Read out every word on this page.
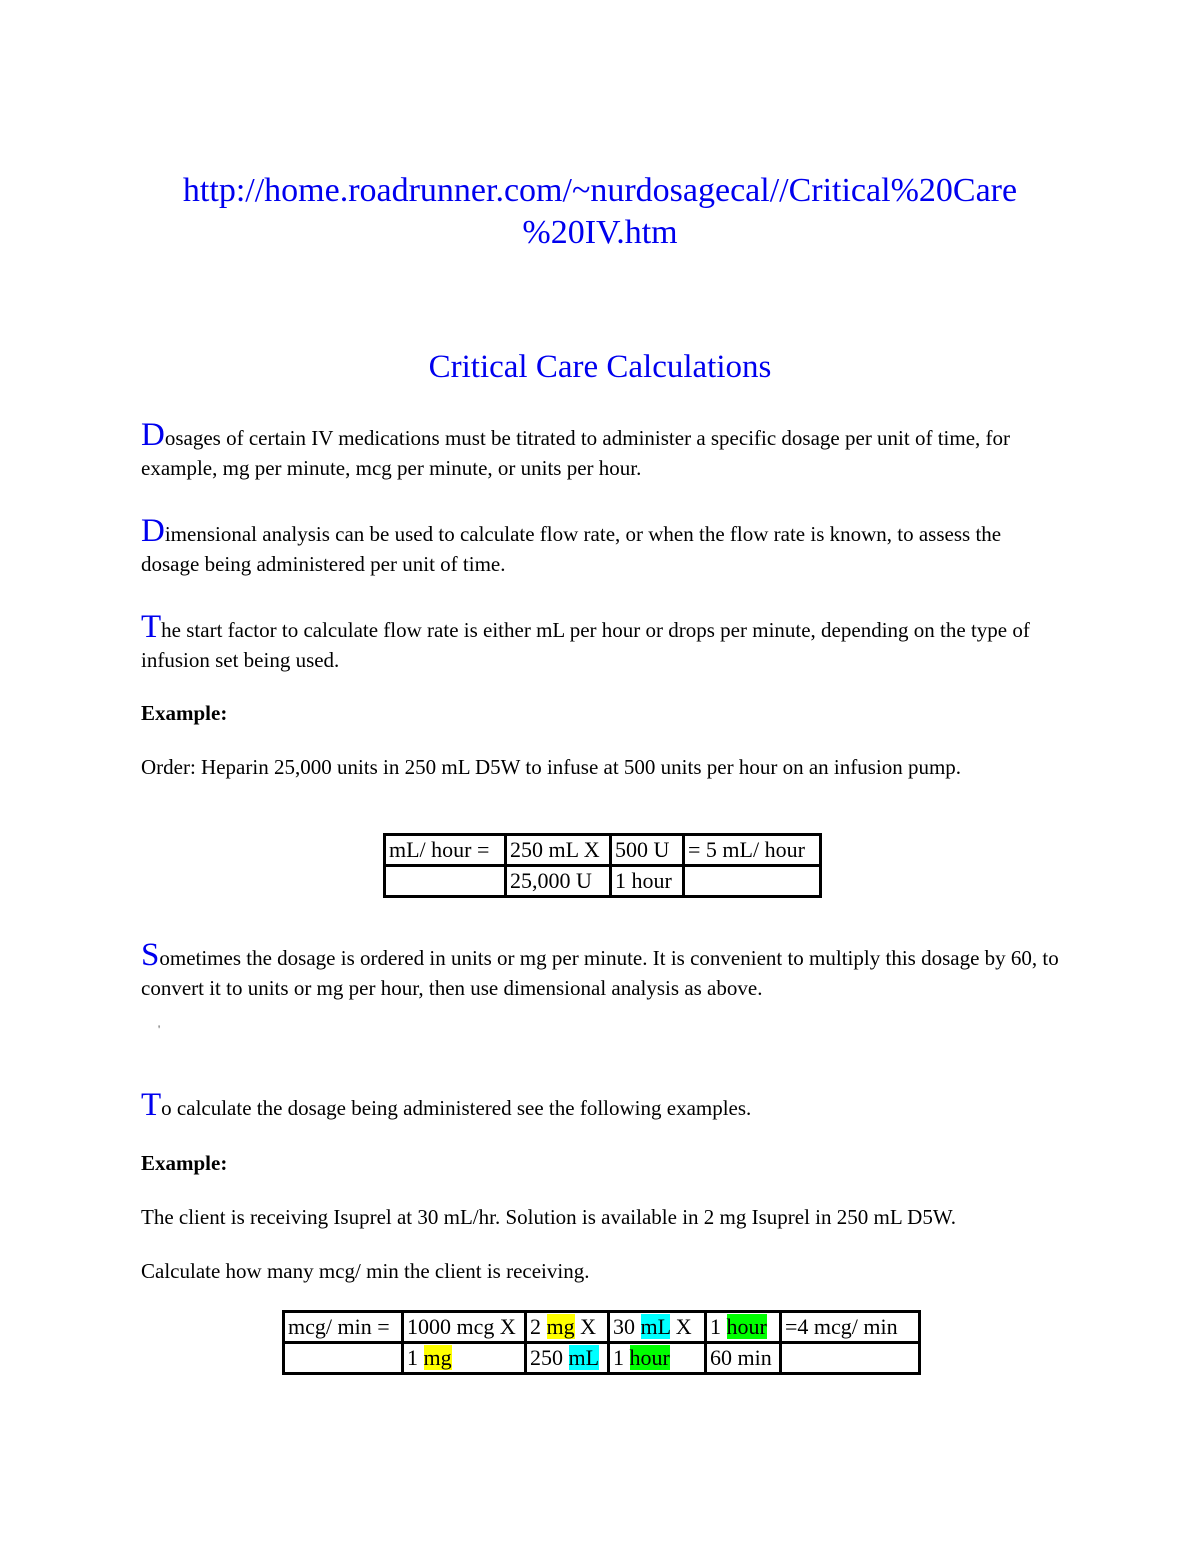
http://home.roadrunner.com/~nurdosagecal//Critical%20Care
%20IV.htm
Critical Care Calculations
Dosages of certain IV medications must be titrated to administer a specific dosage per unit of time, for example, mg per minute, mcg per minute, or units per hour.
Dimensional analysis can be used to calculate flow rate, or when the flow rate is known, to assess the dosage being administered per unit of time.
The start factor to calculate flow rate is either mL per hour or drops per minute, depending on the type of infusion set being used.
Example:
Order: Heparin 25,000 units in 250 mL D5W to infuse at 500 units per hour on an infusion pump.
mL/ hour =	250 mL X	500 U	= 5 mL/ hour
	25,000 U	1 hour	
Sometimes the dosage is ordered in units or mg per minute. It is convenient to multiply this dosage by 60, to convert it to units or mg per hour, then use dimensional analysis as above.
'
To calculate the dosage being administered see the following examples.
Example:
The client is receiving Isuprel at 30 mL/hr. Solution is available in 2 mg Isuprel in 250 mL D5W.
Calculate how many mcg/ min the client is receiving.
mcg/ min =	1000 mcg X	2 mg X	30 mL X	1 hour	=4 mcg/ min
	1 mg	250 mL	1 hour	60 min	
